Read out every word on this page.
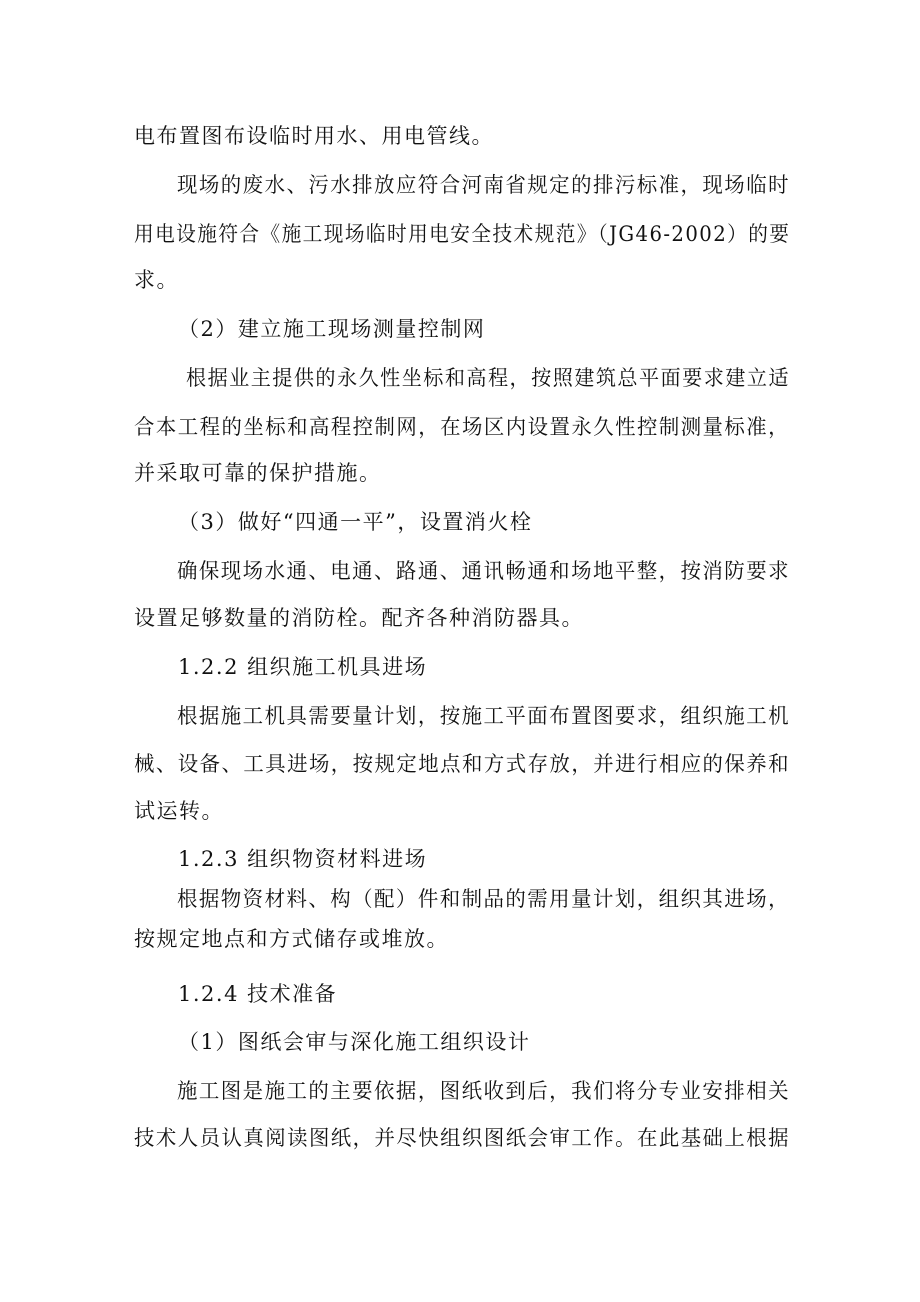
电布置图布设临时用水、用电管线。
现场的废水、污水排放应符合河南省规定的排污标准，现场临时
用电设施符合《施工现场临时用电安全技术规范》（JG46-2002）的要
求。
（2）建立施工现场测量控制网
根据业主提供的永久性坐标和高程，按照建筑总平面要求建立适
合本工程的坐标和高程控制网，在场区内设置永久性控制测量标准，
并采取可靠的保护措施。
（3）做好“四通一平”，设置消火栓
确保现场水通、电通、路通、通讯畅通和场地平整，按消防要求
设置足够数量的消防栓。配齐各种消防器具。
1.2.2 组织施工机具进场
根据施工机具需要量计划，按施工平面布置图要求，组织施工机
械、设备、工具进场，按规定地点和方式存放，并进行相应的保养和
试运转。
1.2.3 组织物资材料进场
根据物资材料、构（配）件和制品的需用量计划，组织其进场，
按规定地点和方式储存或堆放。
1.2.4 技术准备
（1）图纸会审与深化施工组织设计
施工图是施工的主要依据，图纸收到后，我们将分专业安排相关
技术人员认真阅读图纸，并尽快组织图纸会审工作。在此基础上根据
